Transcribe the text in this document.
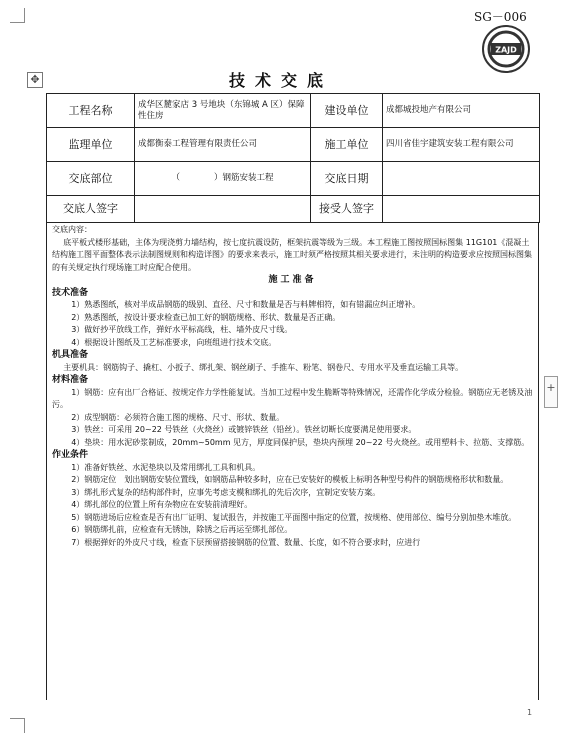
SG－006
ZAJD
✥	技术交底
工程名称	成华区麓家店 3 号地块（东锦城 A 区）保障性住房	建设单位	成都城投地产有限公司
监理单位	成都衡泰工程管理有限责任公司	施工单位	四川省佳宇建筑安装工程有限公司
交底部位	（　　　　）钢筋安装工程	交底日期	
交底人签字		接受人签字	

交底内容：

底平板式楼形基础，主体为现浇剪力墙结构，按七度抗震设防，框架抗震等级为三级。本工程施工图按照国标图集 11G101《混凝土结构施工图平面整体表示法制图规则和构造详图》的要求来表示，施工时须严格按照其相关要求进行，未注明的构造要求应按照国标图集的有关规定执行现场施工时应配合使用。

施工准备

技术准备

1）熟悉图纸，核对半成品钢筋的级别、直径、尺寸和数量是否与料牌相符，如有错漏应纠正增补。

2）熟悉图纸，按设计要求检查已加工好的钢筋规格、形状、数量是否正确。

3）做好抄平放线工作，弹好水平标高线，柱、墙外皮尺寸线。

4）根据设计图纸及工艺标准要求，向班组进行技术交底。

机具准备

主要机具：钢筋钩子、撬杠、小扳子、绑扎架、钢丝刷子、手推车、粉笔、钢卷尺、专用水平及垂直运输工具等。

材料准备

1）钢筋：应有出厂合格证、按规定作力学性能复试。当加工过程中发生脆断等特殊情况，还需作化学成分检验。钢筋应无老锈及油污。

2）成型钢筋：必须符合施工图的规格、尺寸、形状、数量。

3）铁丝：可采用 20~22 号铁丝（火烧丝）或镀锌铁丝（铅丝）。铁丝切断长度要满足使用要求。

4）垫块：用水泥砂浆制成，20mm~50mm 见方，厚度同保护层，垫块内预埋 20~22 号火烧丝。或用塑料卡、拉筋、支撑筋。

作业条件

1）准备好铁丝、水泥垫块以及常用绑扎工具和机具。

2）钢筋定位　划出钢筋安装位置线，如钢筋品种较多时，应在已安装好的模板上标明各种型号构件的钢筋规格形状和数量。

3）绑扎形式复杂的结构部件时，应事先考虑支模和绑扎的先后次序，宜制定安装方案。

4）绑扎部位的位置上所有杂物应在安装前清理好。

5）钢筋进场后应检查是否有出厂证明、复试报告，并按施工平面图中指定的位置，按规格、使用部位、编号分别加垫木堆放。

6）钢筋绑扎前，应检查有无锈蚀，除锈之后再运至绑扎部位。

7）根据弹好的外皮尺寸线，检查下层预留搭接钢筋的位置、数量、长度，如不符合要求时，应进行

+
1
